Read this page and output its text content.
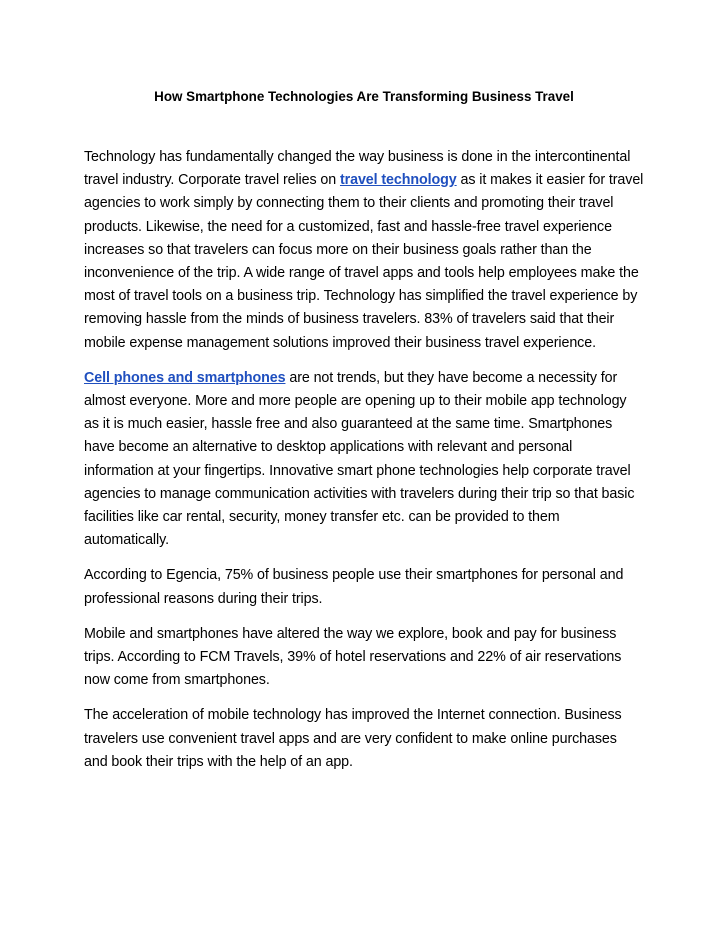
How Smartphone Technologies Are Transforming Business Travel

Technology has fundamentally changed the way business is done in the intercontinental travel industry. Corporate travel relies on travel technology as it makes it easier for travel agencies to work simply by connecting them to their clients and promoting their travel products. Likewise, the need for a customized, fast and hassle-free travel experience increases so that travelers can focus more on their business goals rather than the inconvenience of the trip. A wide range of travel apps and tools help employees make the most of travel tools on a business trip. Technology has simplified the travel experience by removing hassle from the minds of business travelers. 83% of travelers said that their mobile expense management solutions improved their business travel experience.

Cell phones and smartphones are not trends, but they have become a necessity for almost everyone. More and more people are opening up to their mobile app technology as it is much easier, hassle free and also guaranteed at the same time. Smartphones have become an alternative to desktop applications with relevant and personal information at your fingertips. Innovative smart phone technologies help corporate travel agencies to manage communication activities with travelers during their trip so that basic facilities like car rental, security, money transfer etc. can be provided to them automatically.

According to Egencia, 75% of business people use their smartphones for personal and professional reasons during their trips.

Mobile and smartphones have altered the way we explore, book and pay for business trips. According to FCM Travels, 39% of hotel reservations and 22% of air reservations now come from smartphones.

The acceleration of mobile technology has improved the Internet connection. Business travelers use convenient travel apps and are very confident to make online purchases and book their trips with the help of an app.
